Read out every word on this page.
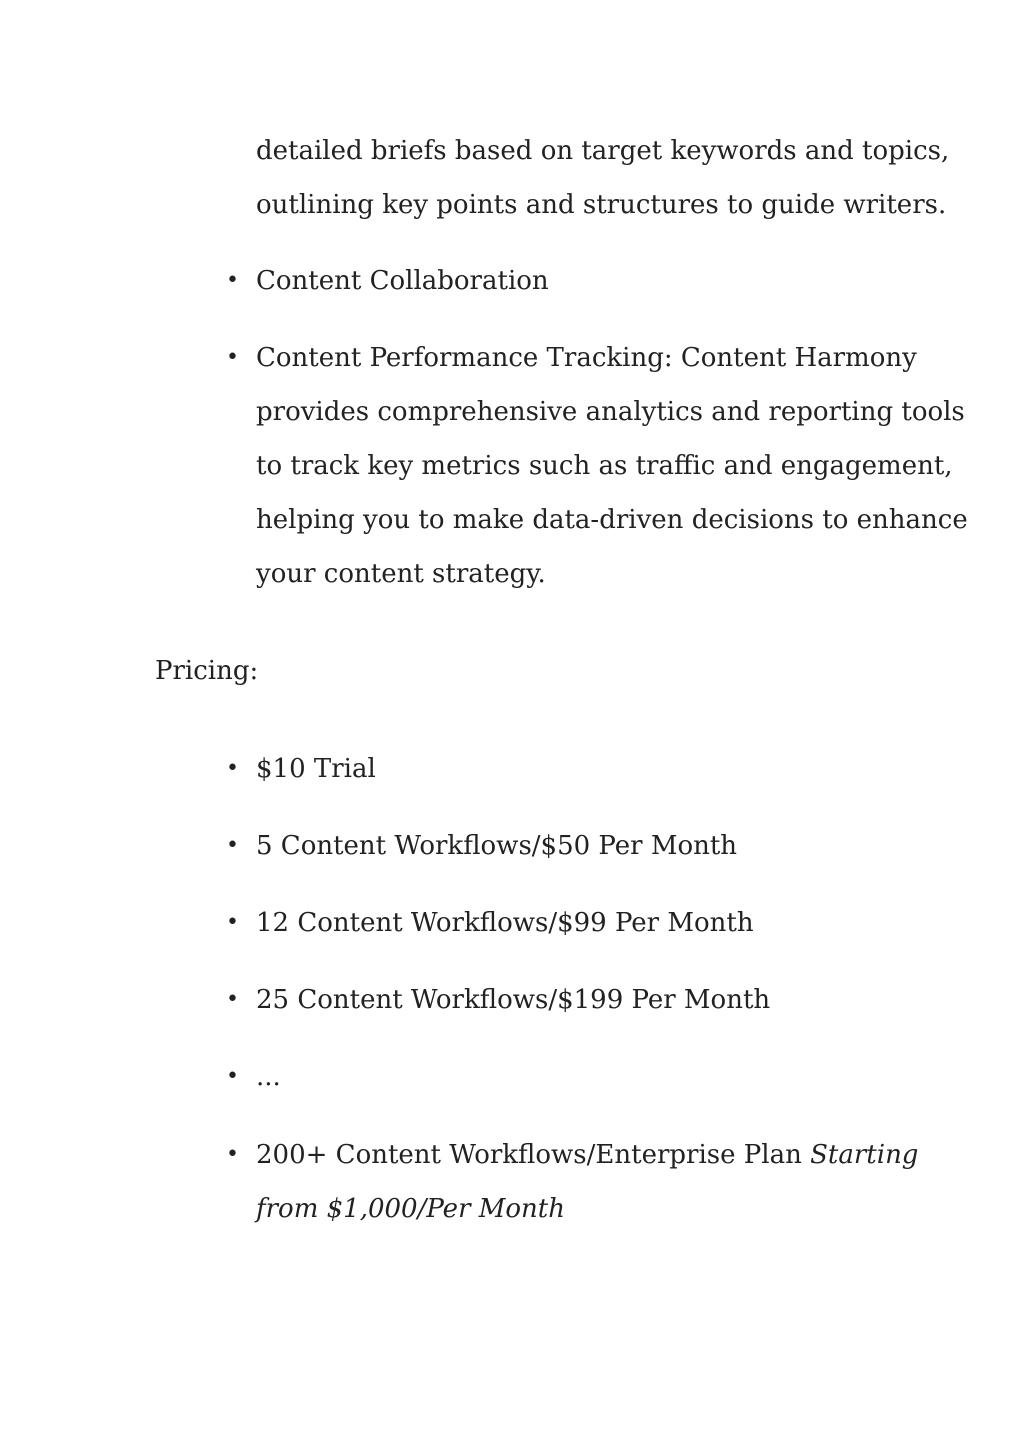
detailed briefs based on target keywords and topics,
outlining key points and structures to guide writers.
• Content Collaboration
• Content Performance Tracking: Content Harmony
provides comprehensive analytics and reporting tools
to track key metrics such as traffic and engagement,
helping you to make data-driven decisions to enhance
your content strategy.

Pricing:

• $10 Trial
• 5 Content Workflows/$50 Per Month
• 12 Content Workflows/$99 Per Month
• 25 Content Workflows/$199 Per Month
• ...
• 200+ Content Workflows/Enterprise Plan Starting
from $1,000/Per Month
